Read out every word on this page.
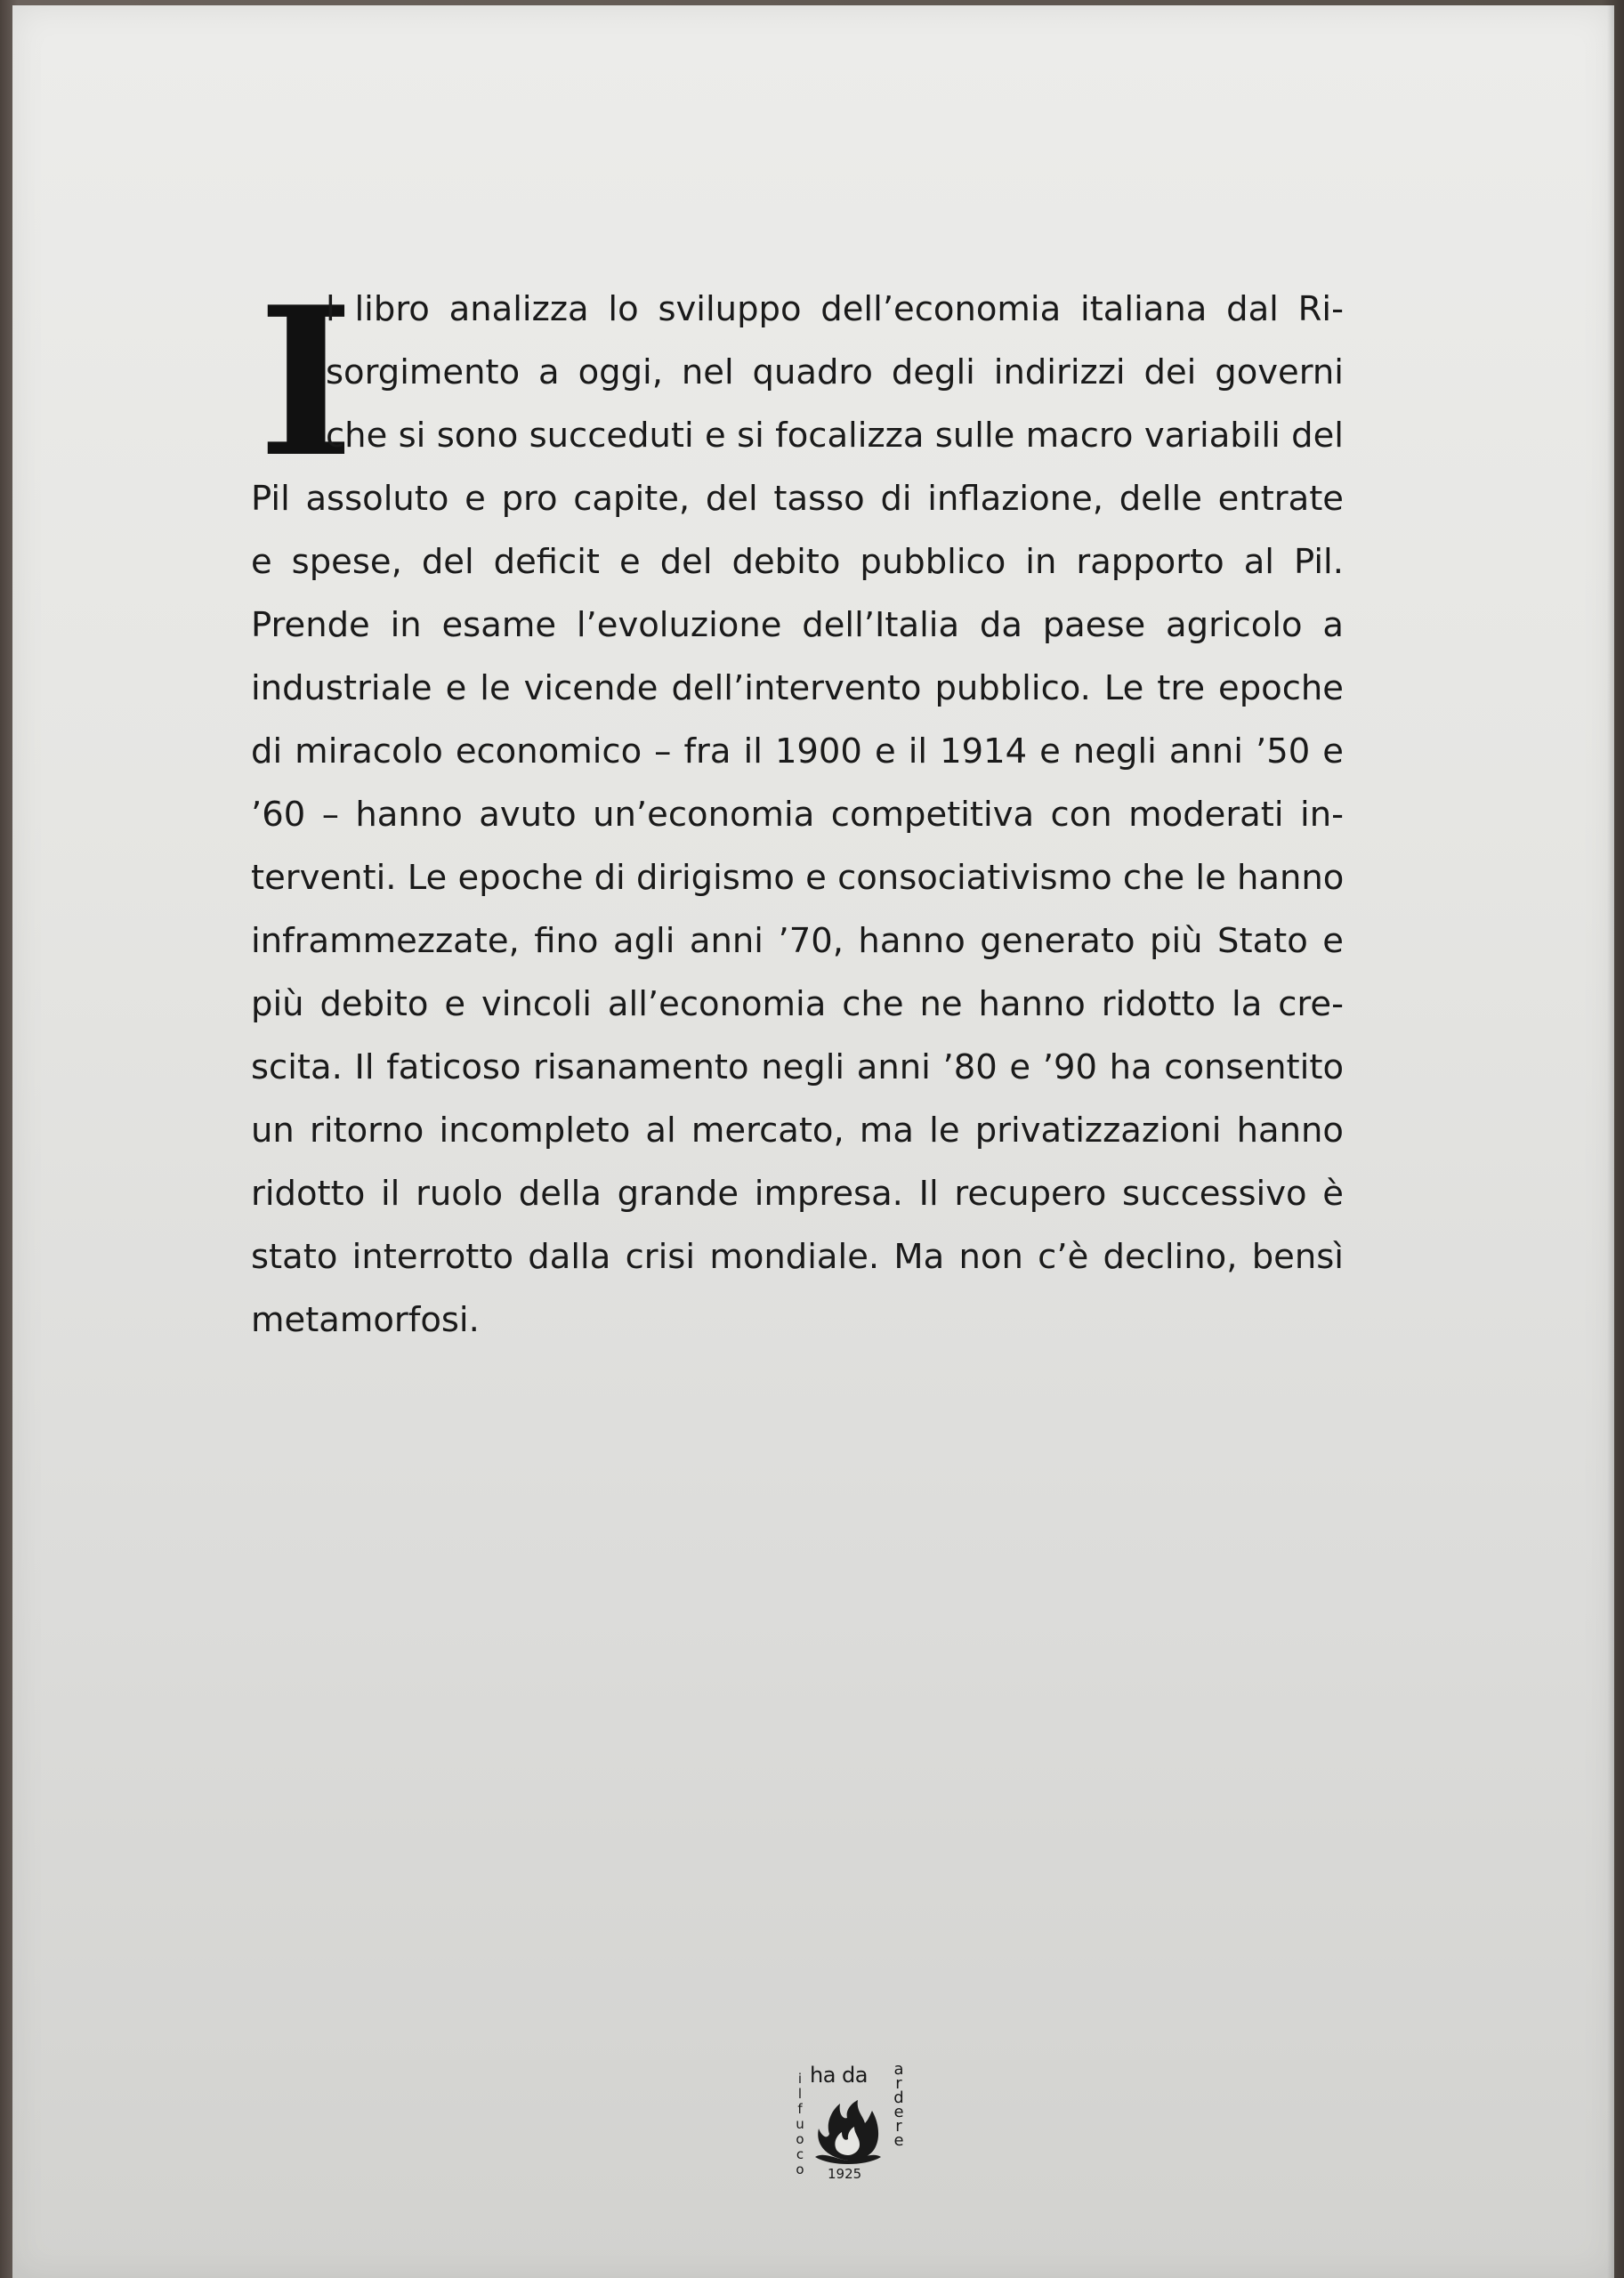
I
l libro analizza lo sviluppo dell’economia italiana dal Ri-
sorgimento a oggi, nel quadro degli indirizzi dei governi
che si sono succeduti e si focalizza sulle macro variabili del
Pil assoluto e pro capite, del tasso di inflazione, delle entrate
e spese, del deficit e del debito pubblico in rapporto al Pil.
Prende in esame l’evoluzione dell’Italia da paese agricolo a
industriale e le vicende dell’intervento pubblico. Le tre epoche
di miracolo economico – fra il 1900 e il 1914 e negli anni ’50 e
’60 – hanno avuto un’economia competitiva con moderati in-
terventi. Le epoche di dirigismo e consociativismo che le hanno
inframmezzate, fino agli anni ’70, hanno generato più Stato e
più debito e vincoli all’economia che ne hanno ridotto la cre-
scita. Il faticoso risanamento negli anni ’80 e ’90 ha consentito
un ritorno incompleto al mercato, ma le privatizzazioni hanno
ridotto il ruolo della grande impresa. Il recupero successivo è
stato interrotto dalla crisi mondiale. Ma non c’è declino, bensì
metamorfosi.
i
l
f
u
o
c
o
ha da a
r
d
e
r
e
1925
